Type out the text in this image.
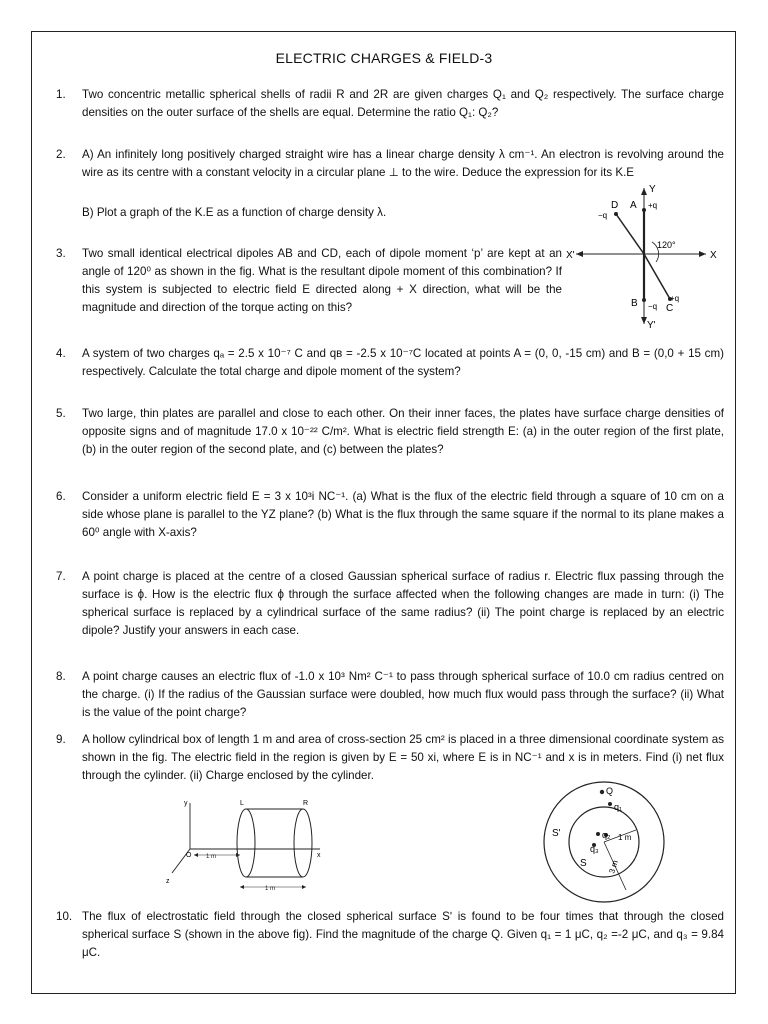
ELECTRIC CHARGES & FIELD-3
1. Two concentric metallic spherical shells of radii R and 2R are given charges Q₁ and Q₂ respectively. The surface charge densities on the outer surface of the shells are equal. Determine the ratio Q₁: Q₂?
2. A) An infinitely long positively charged straight wire has a linear charge density λ cm⁻¹. An electron is revolving around the wire as its centre with a constant velocity in a circular plane ⊥ to the wire. Deduce the expression for its K.E
B) Plot a graph of the K.E as a function of charge density λ.
3. Two small identical electrical dipoles AB and CD, each of dipole moment ‘p’ are kept at an angle of 120⁰ as shown in the fig. What is the resultant dipole moment of this combination? If this system is subjected to electric field E directed along + X direction, what will be the magnitude and direction of the torque acting on this?
Y
X
X'
Y'
D A +q
−q
120°
B −q C
+q
4. A system of two charges qₐ = 2.5 x 10⁻⁷ C and qʙ = -2.5 x 10⁻⁷C located at points A = (0, 0, -15 cm) and B = (0,0 + 15 cm) respectively. Calculate the total charge and dipole moment of the system?
5. Two large, thin plates are parallel and close to each other. On their inner faces, the plates have surface charge densities of opposite signs and of magnitude 17.0 x 10⁻²² C/m². What is electric field strength E: (a) in the outer region of the first plate, (b) in the outer region of the second plate, and (c) between the plates?
6. Consider a uniform electric field E = 3 x 10³i NC⁻¹. (a) What is the flux of the electric field through a square of 10 cm on a side whose plane is parallel to the YZ plane? (b) What is the flux through the same square if the normal to its plane makes a 60⁰ angle with X-axis?
7. A point charge is placed at the centre of a closed Gaussian spherical surface of radius r. Electric flux passing through the surface is ϕ. How is the electric flux ϕ through the surface affected when the following changes are made in turn: (i) The spherical surface is replaced by a cylindrical surface of the same radius? (ii) The point charge is replaced by an electric dipole? Justify your answers in each case.
8. A point charge causes an electric flux of -1.0 x 10³ Nm² C⁻¹ to pass through spherical surface of 10.0 cm radius centred on the charge. (i) If the radius of the Gaussian surface were doubled, how much flux would pass through the surface? (ii) What is the value of the point charge?
9. A hollow cylindrical box of length 1 m and area of cross-section 25 cm² is placed in a three dimensional coordinate system as shown in the fig. The electric field in the region is given by E = 50 xi, where E is in NC⁻¹ and x is in meters. Find (i) net flux through the cylinder. (ii) Charge enclosed by the cylinder.
y
z
O	x
L	R
1 m
1 m
Q
q₁
q₂
q₃
1 m
3 m
S
S'
10. The flux of electrostatic field through the closed spherical surface Sʹ is found to be four times that through the closed spherical surface S (shown in the above fig). Find the magnitude of the charge Q. Given q₁ = 1 μC, q₂ =-2 μC, and q₃ = 9.84 μC.
